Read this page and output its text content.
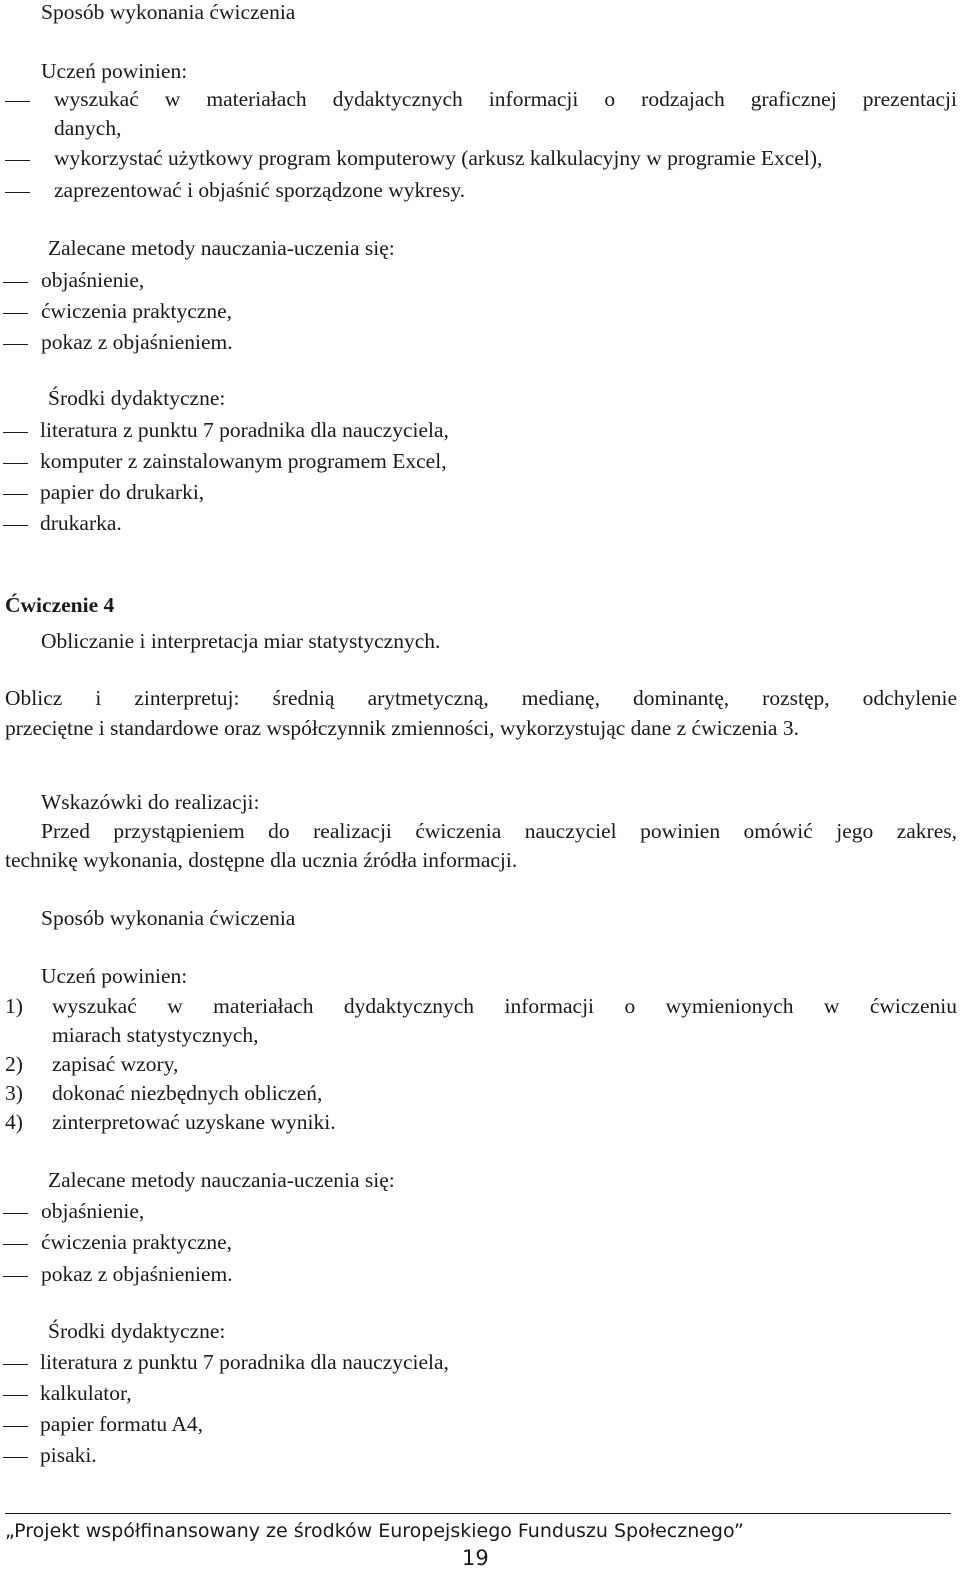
Sposób wykonania ćwiczenia
Uczeń powinien:
wyszukać w materiałach dydaktycznych informacji o rodzajach graficznej prezentacji
danych,
wykorzystać użytkowy program komputerowy (arkusz kalkulacyjny w programie Excel),
zaprezentować i objaśnić sporządzone wykresy.
Zalecane metody nauczania-uczenia się:
objaśnienie,
ćwiczenia praktyczne,
pokaz z objaśnieniem.
Środki dydaktyczne:
literatura z punktu 7 poradnika dla nauczyciela,
komputer z zainstalowanym programem Excel,
papier do drukarki,
drukarka.
Ćwiczenie 4
Obliczanie i interpretacja miar statystycznych.
Oblicz i zinterpretuj: średnią arytmetyczną, medianę, dominantę, rozstęp, odchylenie
przeciętne i standardowe oraz współczynnik zmienności, wykorzystując dane z ćwiczenia 3.
Wskazówki do realizacji:
Przed przystąpieniem do realizacji ćwiczenia nauczyciel powinien omówić jego zakres,
technikę wykonania, dostępne dla ucznia źródła informacji.
Sposób wykonania ćwiczenia
Uczeń powinien:
1) wyszukać w materiałach dydaktycznych informacji o wymienionych w ćwiczeniu
miarach statystycznych,
2) zapisać wzory,
3) dokonać niezbędnych obliczeń,
4) zinterpretować uzyskane wyniki.
Zalecane metody nauczania-uczenia się:
objaśnienie,
ćwiczenia praktyczne,
pokaz z objaśnieniem.
Środki dydaktyczne:
literatura z punktu 7 poradnika dla nauczyciela,
kalkulator,
papier formatu A4,
pisaki.
„Projekt współfinansowany ze środków Europejskiego Funduszu Społecznego”
19
